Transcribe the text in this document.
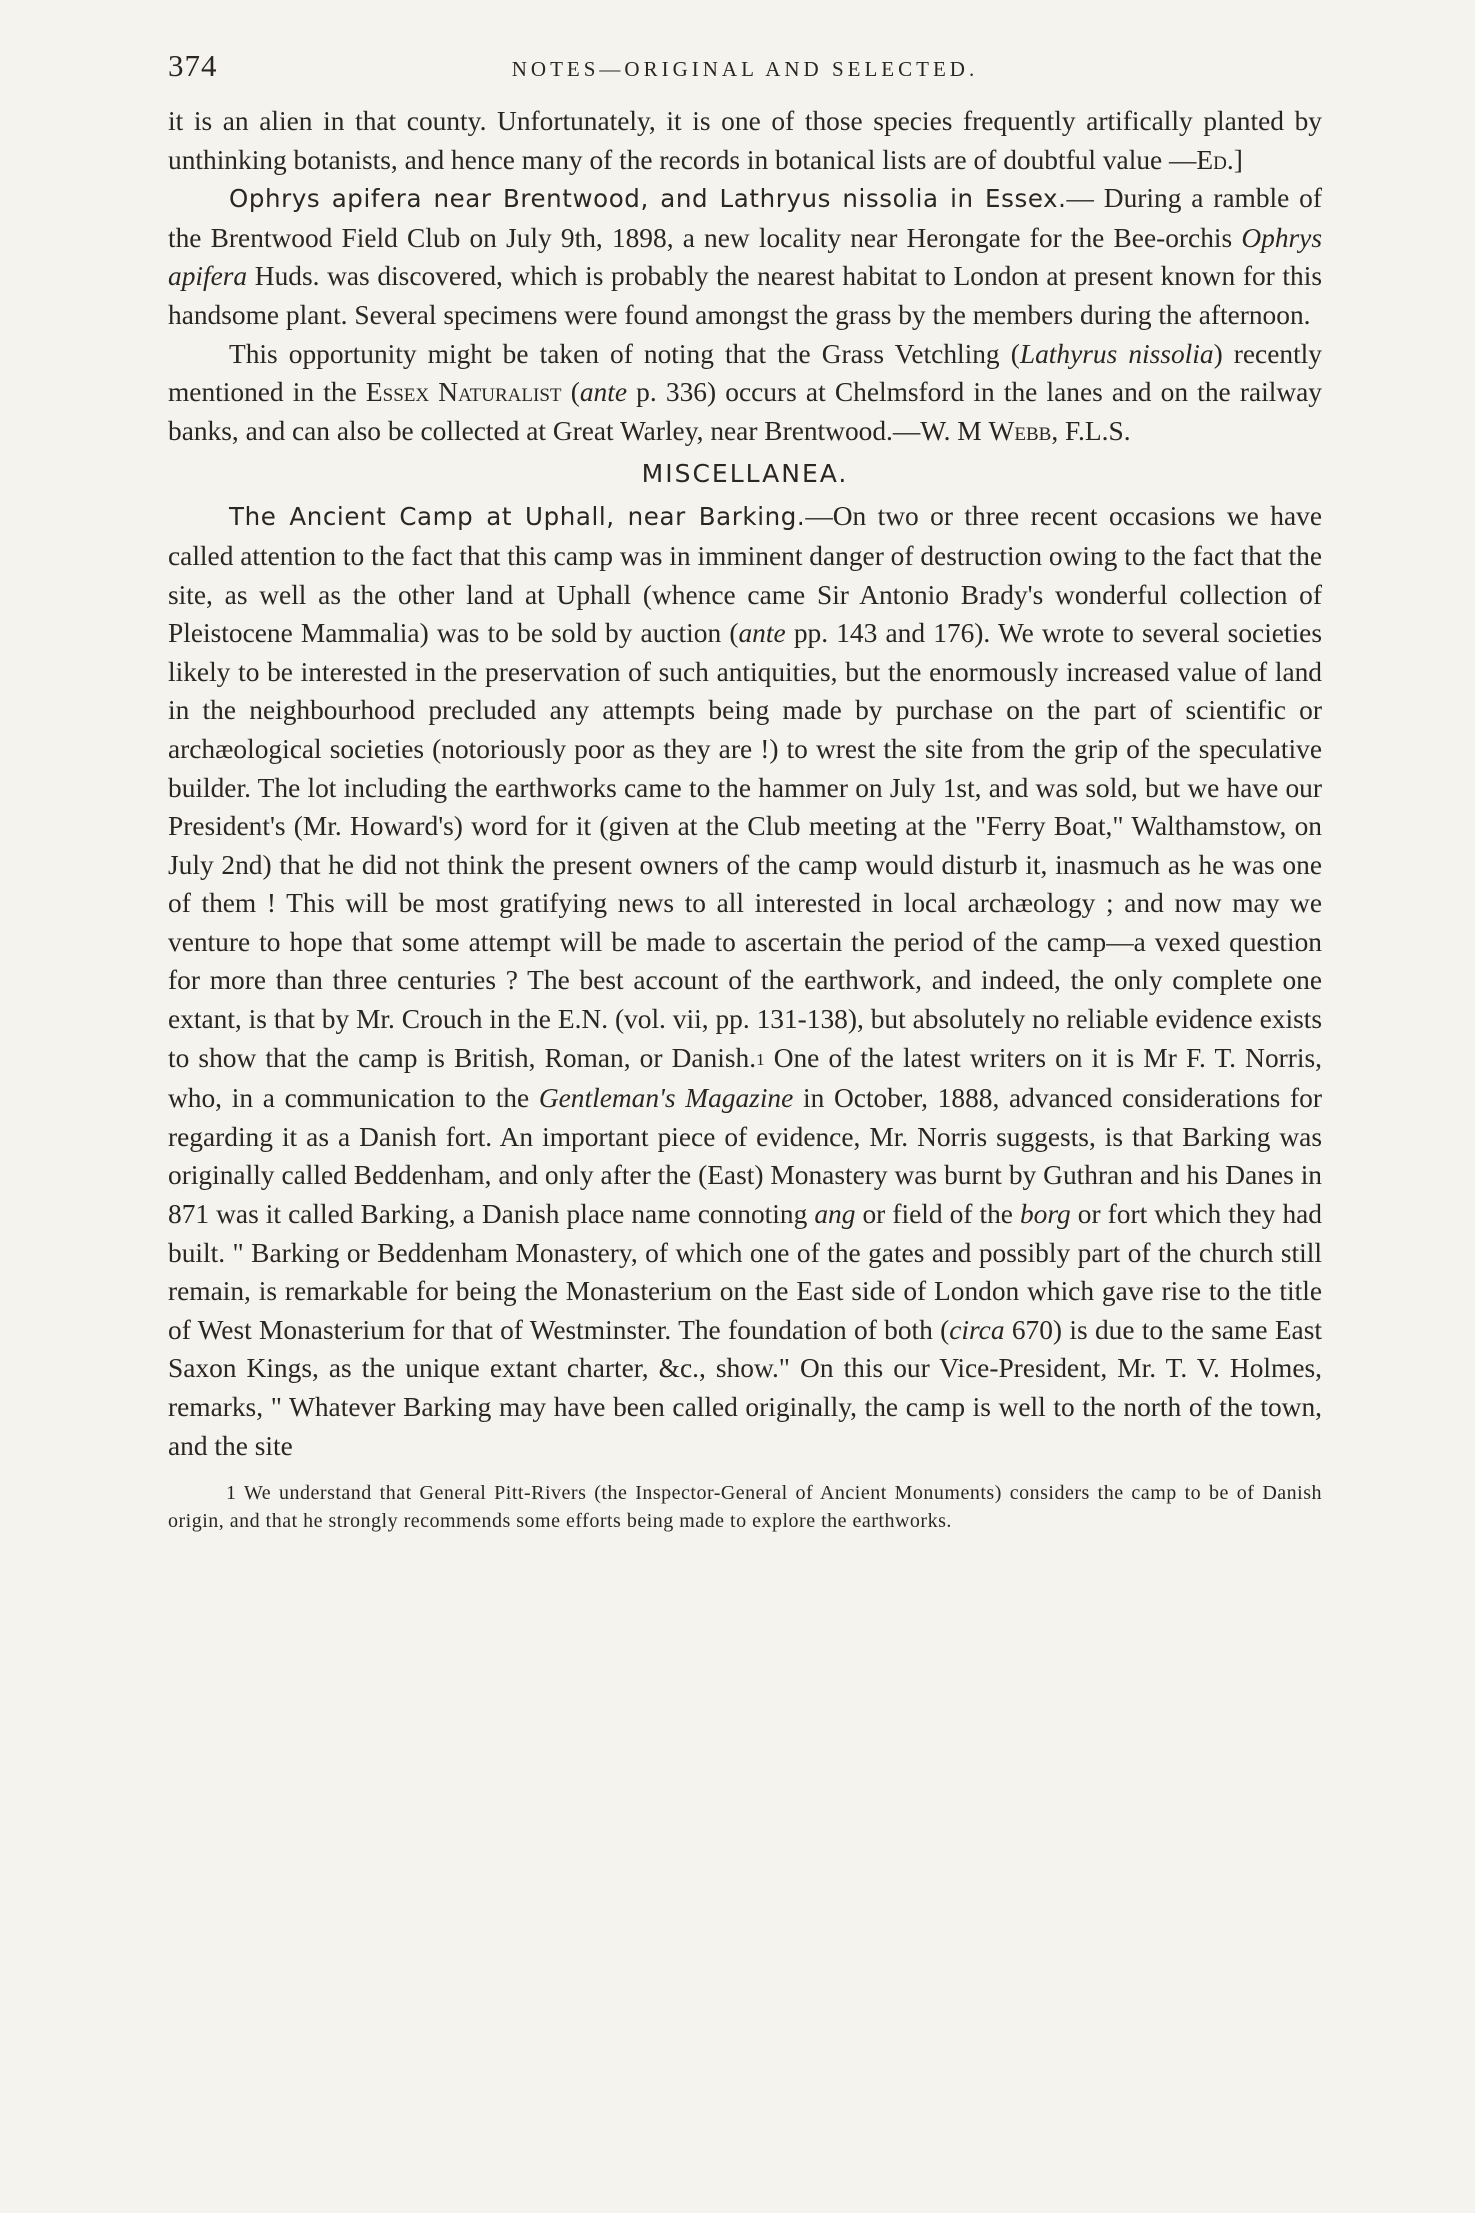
374	NOTES—ORIGINAL AND SELECTED.

it is an alien in that county. Unfortunately, it is one of those species frequently artifically planted by unthinking botanists, and hence many of the records in botanical lists are of doubtful value —Ed.]

Ophrys apifera near Brentwood, and Lathryus nissolia in Essex.— During a ramble of the Brentwood Field Club on July 9th, 1898, a new locality near Herongate for the Bee-orchis Ophrys apifera Huds. was discovered, which is probably the nearest habitat to London at present known for this handsome plant. Several specimens were found amongst the grass by the members during the afternoon.

This opportunity might be taken of noting that the Grass Vetchling (Lathyrus nissolia) recently mentioned in the Essex Naturalist (ante p. 336) occurs at Chelmsford in the lanes and on the railway banks, and can also be collected at Great Warley, near Brentwood.—W. M Webb, F.L.S.

MISCELLANEA.

The Ancient Camp at Uphall, near Barking.—On two or three recent occasions we have called attention to the fact that this camp was in imminent danger of destruction owing to the fact that the site, as well as the other land at Uphall (whence came Sir Antonio Brady's wonderful collection of Pleistocene Mammalia) was to be sold by auction (ante pp. 143 and 176). We wrote to several societies likely to be interested in the preservation of such antiquities, but the enormously increased value of land in the neighbourhood precluded any attempts being made by purchase on the part of scientific or archæological societies (notoriously poor as they are !) to wrest the site from the grip of the speculative builder. The lot including the earthworks came to the hammer on July 1st, and was sold, but we have our President's (Mr. Howard's) word for it (given at the Club meeting at the "Ferry Boat," Walthamstow, on July 2nd) that he did not think the present owners of the camp would disturb it, inasmuch as he was one of them ! This will be most gratifying news to all interested in local archæology ; and now may we venture to hope that some attempt will be made to ascertain the period of the camp—a vexed question for more than three centuries ? The best account of the earthwork, and indeed, the only complete one extant, is that by Mr. Crouch in the E.N. (vol. vii, pp. 131-138), but absolutely no reliable evidence exists to show that the camp is British, Roman, or Danish.$^1$ One of the latest writers on it is Mr F. T. Norris, who, in a communication to the Gentleman's Magazine in October, 1888, advanced considerations for regarding it as a Danish fort. An important piece of evidence, Mr. Norris suggests, is that Barking was originally called Beddenham, and only after the (East) Monastery was burnt by Guthran and his Danes in 871 was it called Barking, a Danish place name connoting ang or field of the borg or fort which they had built. " Barking or Beddenham Monastery, of which one of the gates and possibly part of the church still remain, is remarkable for being the Monasterium on the East side of London which gave rise to the title of West Monasterium for that of Westminster. The foundation of both (circa 670) is due to the same East Saxon Kings, as the unique extant charter, &c., show." On this our Vice-President, Mr. T. V. Holmes, remarks, " Whatever Barking may have been called originally, the camp is well to the north of the town, and the site

1 We understand that General Pitt-Rivers (the Inspector-General of Ancient Monuments) considers the camp to be of Danish origin, and that he strongly recommends some efforts being made to explore the earthworks.
